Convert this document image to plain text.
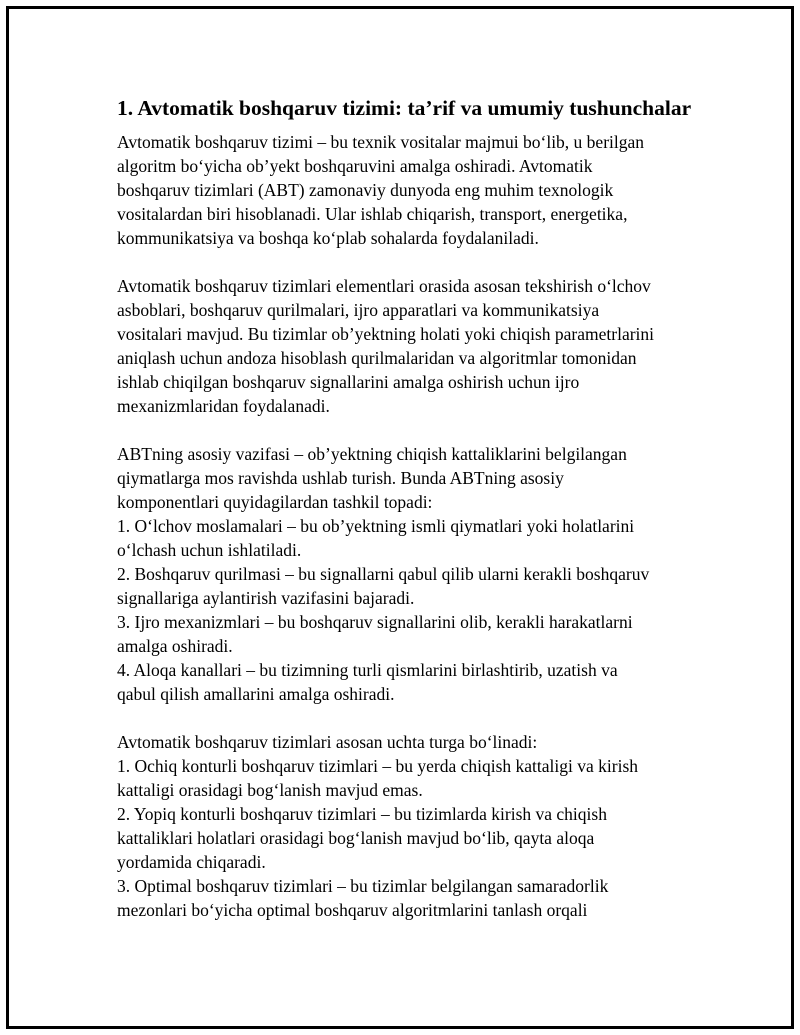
1. Avtomatik boshqaruv tizimi: ta’rif va umumiy tushunchalar
Avtomatik boshqaruv tizimi – bu texnik vositalar majmui bo‘lib, u berilgan
algoritm bo‘yicha ob’yekt boshqaruvini amalga oshiradi. Avtomatik
boshqaruv tizimlari (ABT) zamonaviy dunyoda eng muhim texnologik
vositalardan biri hisoblanadi. Ular ishlab chiqarish, transport, energetika,
kommunikatsiya va boshqa ko‘plab sohalarda foydalaniladi.
Avtomatik boshqaruv tizimlari elementlari orasida asosan tekshirish o‘lchov
asboblari, boshqaruv qurilmalari, ijro apparatlari va kommunikatsiya
vositalari mavjud. Bu tizimlar ob’yektning holati yoki chiqish parametrlarini
aniqlash uchun andoza hisoblash qurilmalaridan va algoritmlar tomonidan
ishlab chiqilgan boshqaruv signallarini amalga oshirish uchun ijro
mexanizmlaridan foydalanadi.
ABTning asosiy vazifasi – ob’yektning chiqish kattaliklarini belgilangan
qiymatlarga mos ravishda ushlab turish. Bunda ABTning asosiy
komponentlari quyidagilardan tashkil topadi:
1. O‘lchov moslamalari – bu ob’yektning ismli qiymatlari yoki holatlarini
o‘lchash uchun ishlatiladi.
2. Boshqaruv qurilmasi – bu signallarni qabul qilib ularni kerakli boshqaruv
signallariga aylantirish vazifasini bajaradi.
3. Ijro mexanizmlari – bu boshqaruv signallarini olib, kerakli harakatlarni
amalga oshiradi.
4. Aloqa kanallari – bu tizimning turli qismlarini birlashtirib, uzatish va
qabul qilish amallarini amalga oshiradi.
Avtomatik boshqaruv tizimlari asosan uchta turga bo‘linadi:
1. Ochiq konturli boshqaruv tizimlari – bu yerda chiqish kattaligi va kirish
kattaligi orasidagi bog‘lanish mavjud emas.
2. Yopiq konturli boshqaruv tizimlari – bu tizimlarda kirish va chiqish
kattaliklari holatlari orasidagi bog‘lanish mavjud bo‘lib, qayta aloqa
yordamida chiqaradi.
3. Optimal boshqaruv tizimlari – bu tizimlar belgilangan samaradorlik
mezonlari bo‘yicha optimal boshqaruv algoritmlarini tanlash orqali
